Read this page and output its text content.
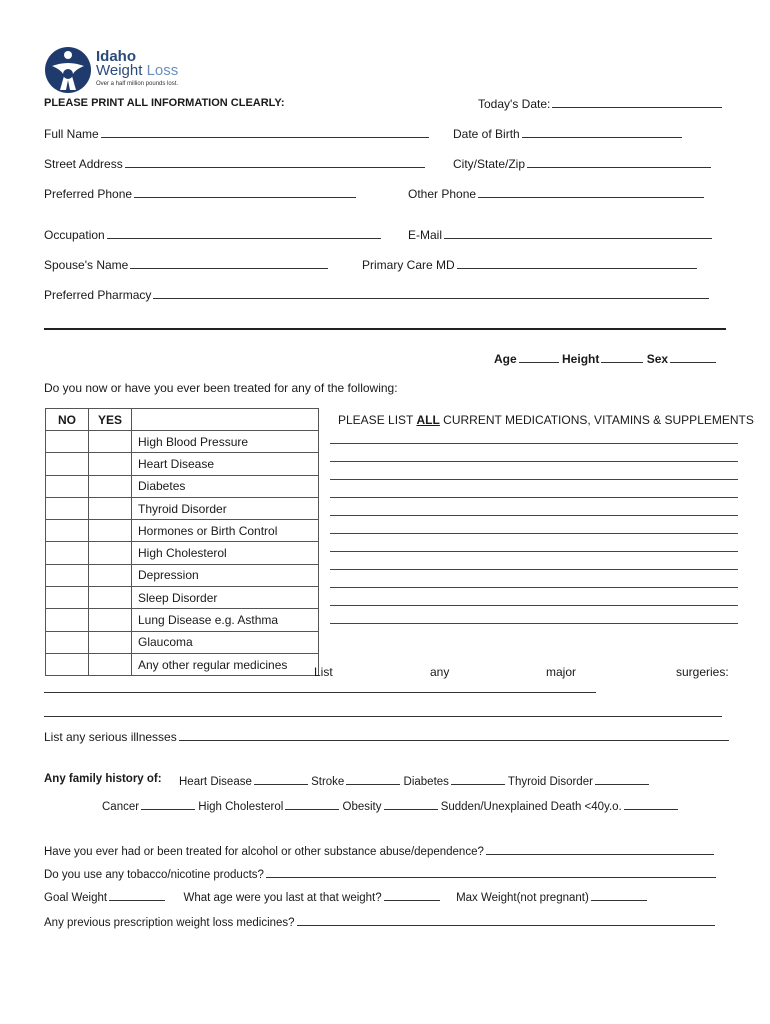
Idaho
Weight Loss
Over a half million pounds lost.
PLEASE PRINT ALL INFORMATION CLEARLY:	Today's Date:
Full Name	Date of Birth
Street Address	City/State/Zip
Preferred Phone	Other Phone
Occupation	E-Mail
Spouse's Name	Primary Care MD
Preferred Pharmacy
Age	Height	Sex
Do you now or have you ever been treated for any of the following:
NO	YES	
		High Blood Pressure
		Heart Disease
		Diabetes
		Thyroid Disorder
		Hormones or Birth Control
		High Cholesterol
		Depression
		Sleep Disorder
		Lung Disease e.g. Asthma
		Glaucoma
		Any other regular medicines
PLEASE LIST ALL CURRENT MEDICATIONS, VITAMINS & SUPPLEMENTS
List	any	major	surgeries:
List any serious illnesses
Any family history of: Heart Disease	Stroke	Diabetes	Thyroid Disorder
Cancer	High Cholesterol	Obesity	Sudden/Unexplained Death <40y.o.
Have you ever had or been treated for alcohol or other substance abuse/dependence?
Do you use any tobacco/nicotine products?
Goal Weight	What age were you last at that weight?	Max Weight(not pregnant)
Any previous prescription weight loss medicines?
